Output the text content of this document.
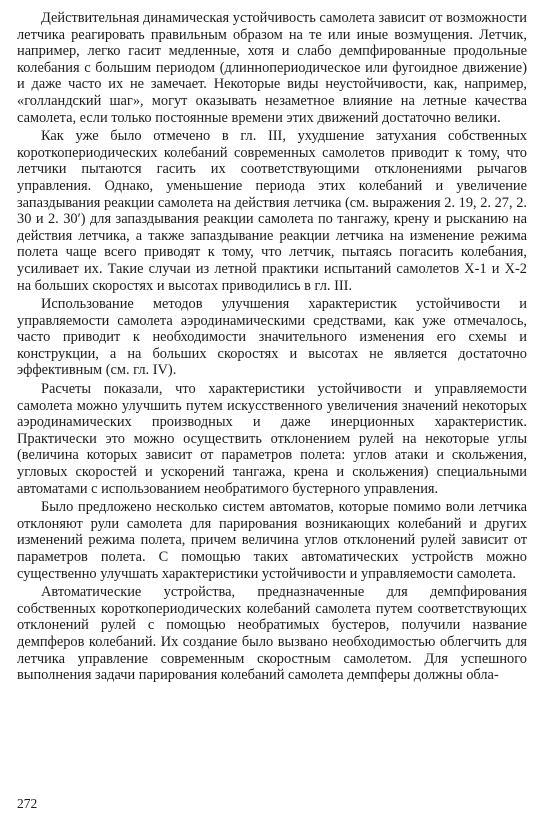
Действительная динамическая устойчивость самолета зависит от возможности летчика реагировать правильным образом на те или иные возмущения. Летчик, например, легко гасит медленные, хотя и слабо демпфированные продольные колебания с большим периодом (длиннопериодическое или фугоидное движение) и даже часто их не замечает. Некоторые виды неустойчивости, как, например, «голландский шаг», могут оказывать незаметное влияние на летные качества самолета, если только постоянные времени этих движений достаточно велики.

Как уже было отмечено в гл. III, ухудшение затухания собственных короткопериодических колебаний современных самолетов приводит к тому, что летчики пытаются гасить их соответствующими отклонениями рычагов управления. Однако, уменьшение периода этих колебаний и увеличение запаздывания реакции самолета на действия летчика (см. выражения 2. 19, 2. 27, 2. 30 и 2. 30′) для запаздывания реакции самолета по тангажу, крену и рысканию на действия летчика, а также запаздывание реакции летчика на изменение режима полета чаще всего приводят к тому, что летчик, пытаясь погасить колебания, усиливает их. Такие случаи из летной практики испытаний самолетов X-1 и X-2 на больших скоростях и высотах приводились в гл. III.

Использование методов улучшения характеристик устойчивости и управляемости самолета аэродинамическими средствами, как уже отмечалось, часто приводит к необходимости значительного изменения его схемы и конструкции, а на больших скоростях и высотах не является достаточно эффективным (см. гл. IV).

Расчеты показали, что характеристики устойчивости и управляемости самолета можно улучшить путем искусственного увеличения значений некоторых аэродинамических производных и даже инерционных характеристик. Практически это можно осуществить отклонением рулей на некоторые углы (величина которых зависит от параметров полета: углов атаки и скольжения, угловых скоростей и ускорений тангажа, крена и скольжения) специальными автоматами с использованием необратимого бустерного управления.

Было предложено несколько систем автоматов, которые помимо воли летчика отклоняют рули самолета для парирования возникающих колебаний и других изменений режима полета, причем величина углов отклонений рулей зависит от параметров полета. С помощью таких автоматических устройств можно существенно улучшать характеристики устойчивости и управляемости самолета.

Автоматические устройства, предназначенные для демпфирования собственных короткопериодических колебаний самолета путем соответствующих отклонений рулей с помощью необратимых бустеров, получили название демпферов колебаний. Их создание было вызвано необходимостью облегчить для летчика управление современным скоростным самолетом. Для успешного выполнения задачи парирования колебаний самолета демпферы должны обла-

272
